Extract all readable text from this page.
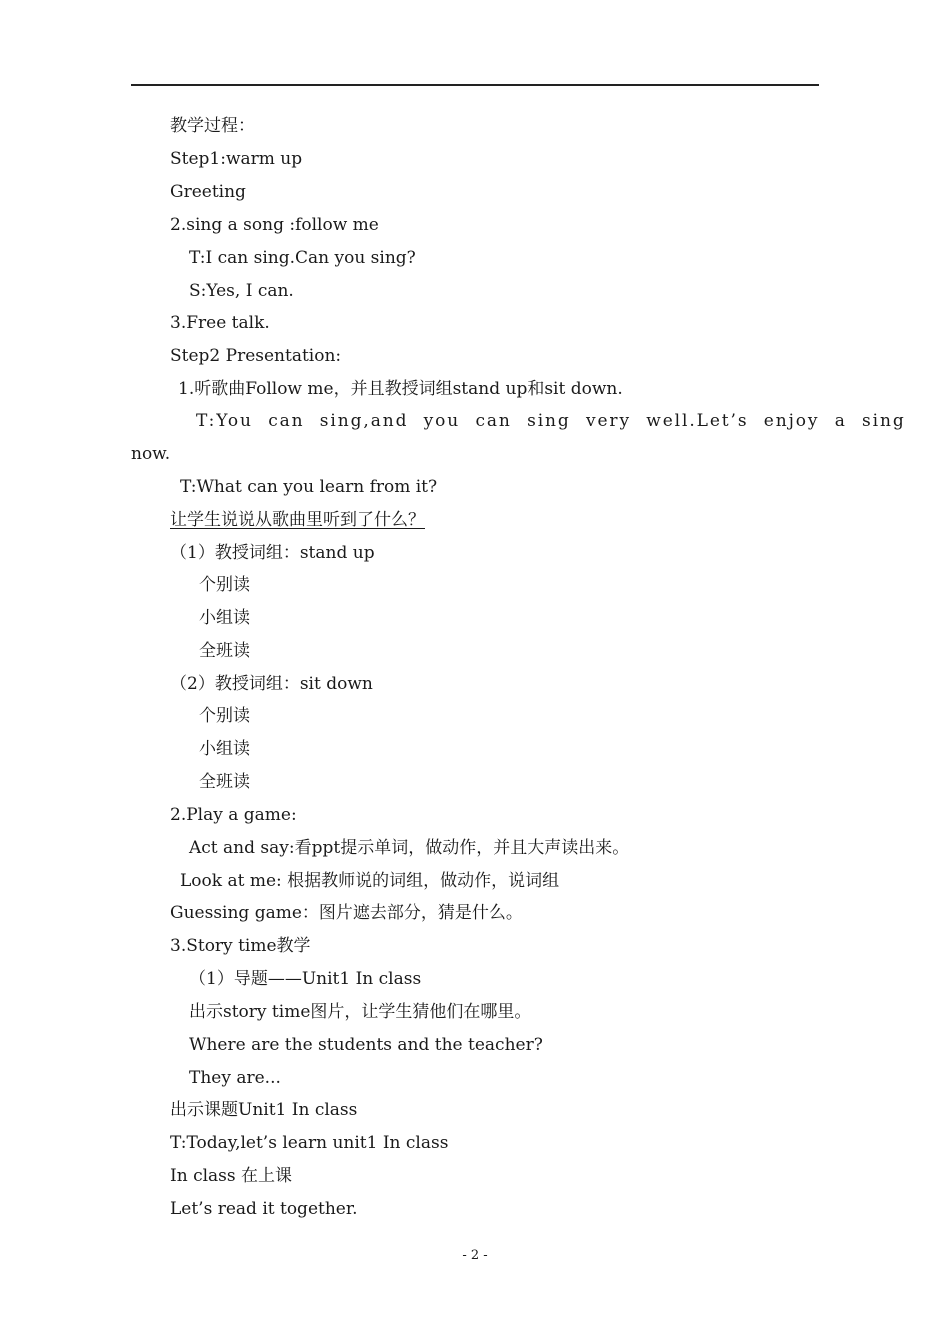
教学过程：
Step1:warm up
Greeting
2.sing a song :follow me
T:I can sing.Can you sing?
S:Yes, I can.
3.Free talk.
Step2 Presentation:
1.听歌曲Follow me，并且教授词组stand up和sit down.
T:You can sing,and you can sing very well.Let’s enjoy a sing
now.
T:What can you learn from it?
让学生说说从歌曲里听到了什么？
（1）教授词组：stand up
个别读
小组读
全班读
（2）教授词组：sit down
个别读
小组读
全班读
2.Play a game:
Act and say:看ppt提示单词，做动作，并且大声读出来。
Look at me: 根据教师说的词组，做动作，说词组
Guessing game：图片遮去部分，猜是什么。
3.Story time教学
（1）导题——Unit1 In class
出示story time图片，让学生猜他们在哪里。
Where are the students and the teacher?
They are...
出示课题Unit1 In class
T:Today,let’s learn unit1 In class
In class 在上课
Let’s read it together.
- 2 -
